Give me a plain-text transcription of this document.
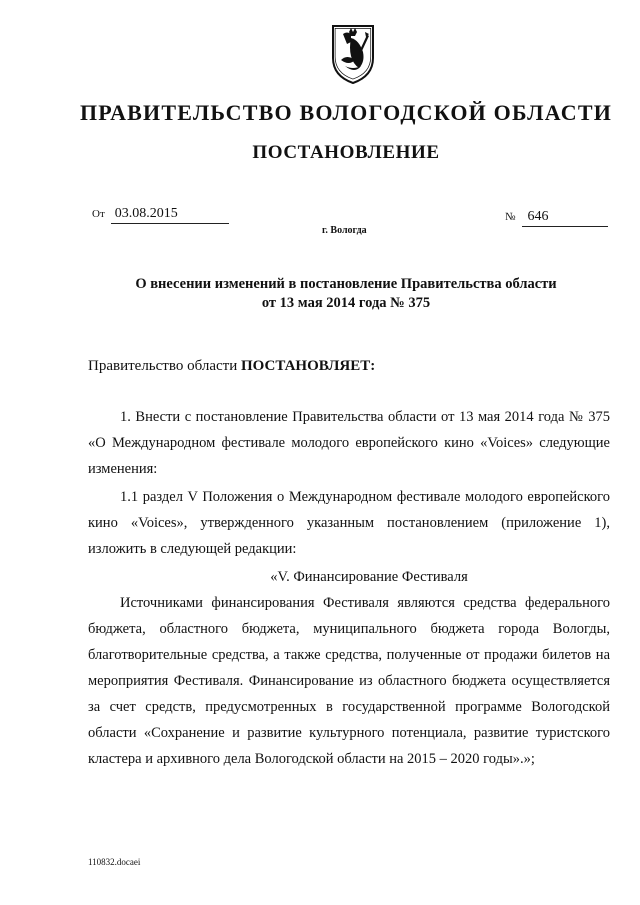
ПРАВИТЕЛЬСТВО ВОЛОГОДСКОЙ ОБЛАСТИ
ПОСТАНОВЛЕНИЕ
От 03.08.2015	№ 646
г. Вологда
О внесении изменений в постановление Правительства области
от 13 мая 2014 года № 375
Правительство области ПОСТАНОВЛЯЕТ:

1. Внести с постановление Правительства области от 13 мая 2014 года № 375 «О Международном фестивале молодого европейского кино «Voices» следующие изменения:

1.1 раздел V Положения о Международном фестивале молодого европейского кино «Voices», утвержденного указанным постановлением (приложение 1), изложить в следующей редакции:

«V. Финансирование Фестиваля

Источниками финансирования Фестиваля являются средства федерального бюджета, областного бюджета, муниципального бюджета города Вологды, благотворительные средства, а также средства, полученные от продажи билетов на мероприятия Фестиваля. Финансирование из областного бюджета осуществляется за счет средств, предусмотренных в государственной программе Вологодской области «Сохранение и развитие культурного потенциала, развитие туристского кластера и архивного дела Вологодской области на 2015 – 2020 годы».»;

110832.docaei
